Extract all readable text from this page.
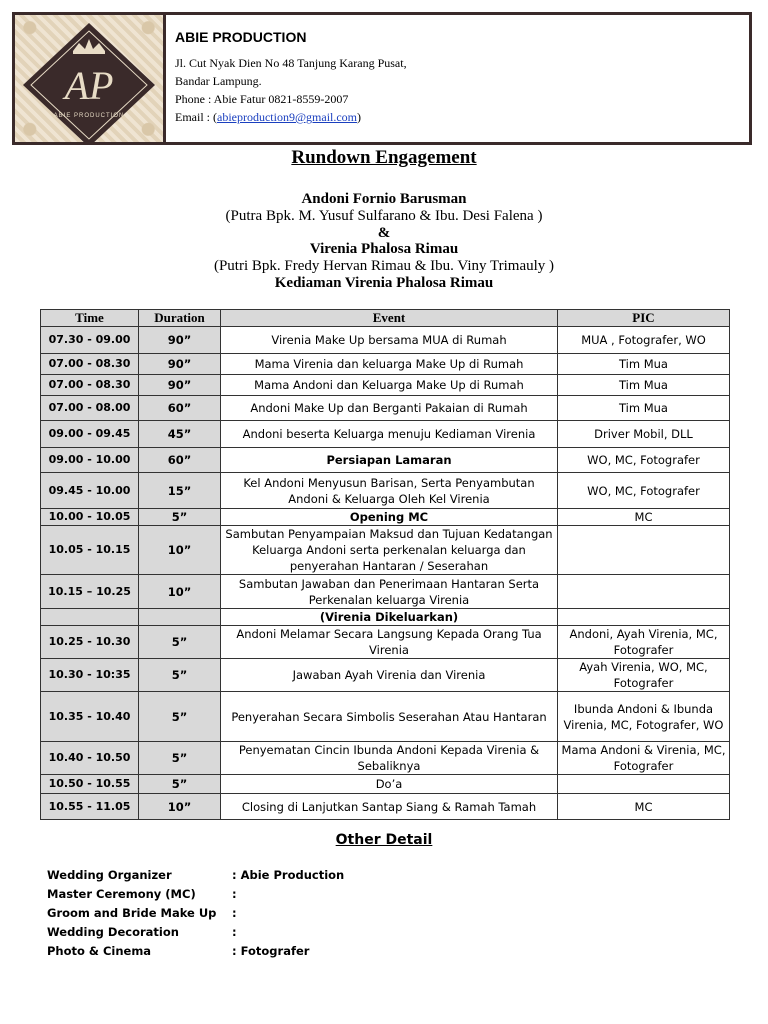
AP
ABIE PRODUCTION
ABIE PRODUCTION
Jl. Cut Nyak Dien No 48 Tanjung Karang Pusat,
Bandar Lampung.
Phone : Abie Fatur 0821-8559-2007
Email : (abieproduction9@gmail.com)
Rundown Engagement
Andoni Fornio Barusman
(Putra Bpk. M. Yusuf Sulfarano & Ibu. Desi Falena )
&
Virenia Phalosa Rimau
(Putri Bpk. Fredy Hervan Rimau & Ibu. Viny Trimauly )
Kediaman Virenia Phalosa Rimau
Time	Duration	Event	PIC
07.30 - 09.00	90”	Virenia Make Up bersama MUA di Rumah	MUA , Fotografer, WO
07.00 - 08.30	90”	Mama Virenia dan keluarga Make Up di Rumah	Tim Mua
07.00 - 08.30	90”	Mama Andoni dan Keluarga Make Up di Rumah	Tim Mua
07.00 - 08.00	60”	Andoni Make Up dan Berganti Pakaian di Rumah	Tim Mua
09.00 - 09.45	45”	Andoni beserta Keluarga menuju Kediaman Virenia	Driver Mobil, DLL
09.00 - 10.00	60”	Persiapan Lamaran	WO, MC, Fotografer
09.45 - 10.00	15”	Kel Andoni Menyusun Barisan, Serta Penyambutan Andoni & Keluarga Oleh Kel Virenia	WO, MC, Fotografer
10.00 - 10.05	5”	Opening MC	MC
10.05 - 10.15	10”	Sambutan Penyampaian Maksud dan Tujuan Kedatangan Keluarga Andoni serta perkenalan keluarga dan penyerahan Hantaran / Seserahan	
10.15 – 10.25	10”	Sambutan Jawaban dan Penerimaan Hantaran Serta Perkenalan keluarga Virenia	
		(Virenia Dikeluarkan)	
10.25 - 10.30	5”	Andoni Melamar Secara Langsung Kepada Orang Tua Virenia	Andoni, Ayah Virenia, MC, Fotografer
10.30 - 10:35	5”	Jawaban Ayah Virenia dan Virenia	Ayah Virenia, WO, MC, Fotografer
10.35 - 10.40	5”	Penyerahan Secara Simbolis Seserahan Atau Hantaran	Ibunda Andoni & Ibunda Virenia, MC, Fotografer, WO
10.40 - 10.50	5”	Penyematan Cincin Ibunda Andoni Kepada Virenia & Sebaliknya	Mama Andoni & Virenia, MC, Fotografer
10.50 - 10.55	5”	Do’a	
10.55 - 11.05	10”	Closing di Lanjutkan Santap Siang & Ramah Tamah	MC
Other Detail
Wedding Organizer	: Abie Production
Master Ceremony (MC)	:
Groom and Bride Make Up :
Wedding Decoration	:
Photo & Cinema	: Fotografer
